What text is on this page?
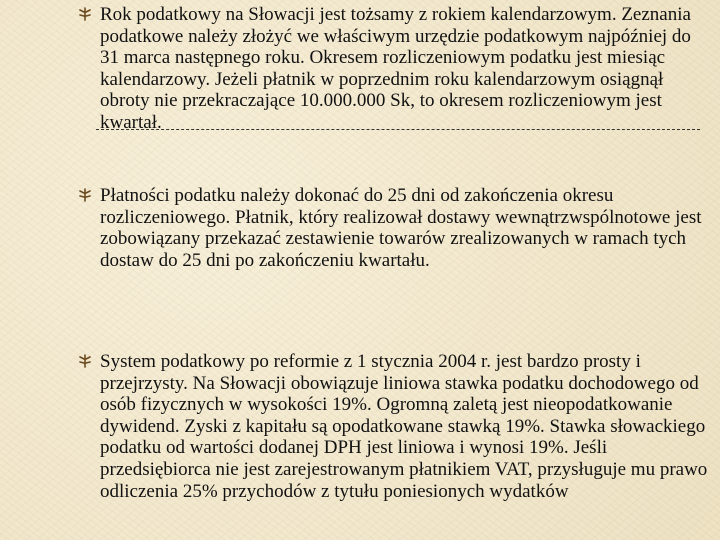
Rok podatkowy na Słowacji jest tożsamy z rokiem kalendarzowym. Zeznania podatkowe należy złożyć we właściwym urzędzie podatkowym najpóźniej do 31 marca następnego roku. Okresem rozliczeniowym podatku jest miesiąc kalendarzowy. Jeżeli płatnik w poprzednim roku kalendarzowym osiągnął obroty nie przekraczające 10.000.000 Sk, to okresem rozliczeniowym jest kwartał.
Płatności podatku należy dokonać do 25 dni od zakończenia okresu rozliczeniowego. Płatnik, który realizował dostawy wewnątrzwspólnotowe jest zobowiązany przekazać zestawienie towarów zrealizowanych w ramach tych dostaw do 25 dni po zakończeniu kwartału.
System podatkowy po reformie z 1 stycznia 2004 r. jest bardzo prosty i przejrzysty. Na Słowacji obowiązuje liniowa stawka podatku dochodowego od osób fizycznych w wysokości 19%. Ogromną zaletą jest nieopodatkowanie dywidend. Zyski z kapitału są opodatkowane stawką 19%. Stawka słowackiego podatku od wartości dodanej DPH jest liniowa i wynosi 19%. Jeśli przedsiębiorca nie jest zarejestrowanym płatnikiem VAT, przysługuje mu prawo odliczenia 25% przychodów z tytułu poniesionych wydatków
